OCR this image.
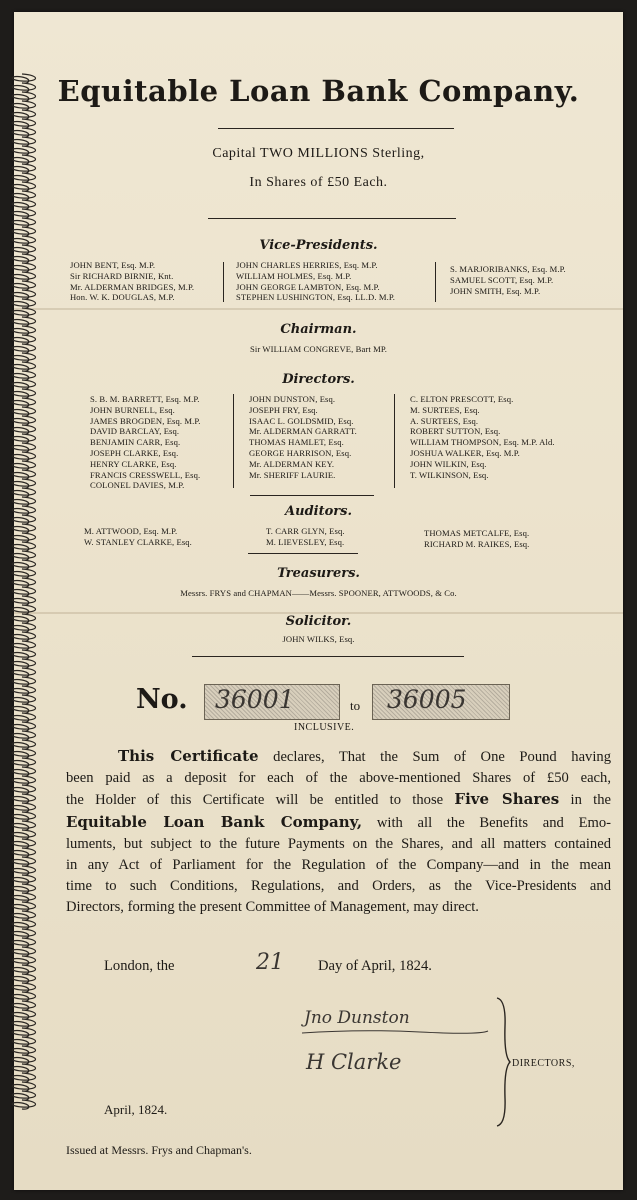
Equitable Loan Bank Company.
Capital TWO MILLIONS Sterling,
In Shares of £50 Each.
Vice-Presidents.
JOHN BENT, Esq. M.P.
Sir RICHARD BIRNIE, Knt.
Mr. ALDERMAN BRIDGES, M.P.
Hon. W. K. DOUGLAS, M.P.
JOHN CHARLES HERRIES, Esq. M.P.
WILLIAM HOLMES, Esq. M.P.
JOHN GEORGE LAMBTON, Esq. M.P.
STEPHEN LUSHINGTON, Esq. LL.D. M.P.
S. MARJORIBANKS, Esq. M.P.
SAMUEL SCOTT, Esq. M.P.
JOHN SMITH, Esq. M.P.
Chairman.
Sir WILLIAM CONGREVE, Bart MP.
Directors.
S. B. M. BARRETT, Esq. M.P.
JOHN BURNELL, Esq.
JAMES BROGDEN, Esq. M.P.
DAVID BARCLAY, Esq.
BENJAMIN CARR, Esq.
JOSEPH CLARKE, Esq.
HENRY CLARKE, Esq.
FRANCIS CRESSWELL, Esq.
COLONEL DAVIES, M.P.
JOHN DUNSTON, Esq.
JOSEPH FRY, Esq.
ISAAC L. GOLDSMID, Esq.
Mr. ALDERMAN GARRATT.
THOMAS HAMLET, Esq.
GEORGE HARRISON, Esq.
Mr. ALDERMAN KEY.
Mr. SHERIFF LAURIE.
C. ELTON PRESCOTT, Esq.
M. SURTEES, Esq.
A. SURTEES, Esq.
ROBERT SUTTON, Esq.
WILLIAM THOMPSON, Esq. M.P. Ald.
JOSHUA WALKER, Esq. M.P.
JOHN WILKIN, Esq.
T. WILKINSON, Esq.
Auditors.
M. ATTWOOD, Esq. M.P.
W. STANLEY CLARKE, Esq.
T. CARR GLYN, Esq.
M. LIEVESLEY, Esq.
THOMAS METCALFE, Esq.
RICHARD M. RAIKES, Esq.
Treasurers.
Messrs. FRYS and CHAPMAN——Messrs. SPOONER, ATTWOODS, & Co.
Solicitor.
JOHN WILKS, Esq.
No. 36001	to 36005
INCLUSIVE.

This Certificate declares, That the Sum of One Pound having

been paid as a deposit for each of the above-mentioned Shares of £50 each,

the Holder of this Certificate will be entitled to those Five Shares in the

Equitable Loan Bank Company, with all the Benefits and Emo-

luments, but subject to the future Payments on the Shares, and all matters contained

in any Act of Parliament for the Regulation of the Company—and in the mean

time to such Conditions, Regulations, and Orders, as the Vice-Presidents and

Directors, forming the present Committee of Management, may direct.

London, the	21 Day of April, 1824.
Jno Dunston
H Clarke	DIRECTORS,
April, 1824.
Issued at Messrs. Frys and Chapman's.
